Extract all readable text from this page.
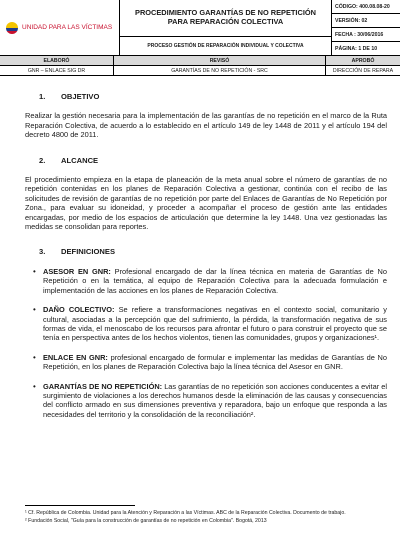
UNIDAD PARA LAS VÍCTIMAS
PROCEDIMIENTO GARANTÍAS DE NO REPETICIÓN PARA REPARACIÓN COLECTIVA
PROCESO GESTIÓN DE REPARACIÓN INDIVIDUAL Y COLECTIVA
CÓDIGO: 400.08.08-20
VERSIÓN: 02
FECHA : 30/06/2016
PÁGINA: 1 DE 10
ELABORÓ	REVISÓ	APROBÓ
GNR – ENLACE SIG DR	GARANTÍAS DE NO REPETICIÓN - SRC	DIRECCIÓN DE REPARA
1. OBJETIVO

Realizar la gestión necesaria para la implementación de las garantías de no repetición en el marco de la Ruta Reparación Colectiva, de acuerdo a lo establecido en el artículo 149 de ley 1448 de 2011 y el artículo 194 del decreto 4800 de 2011.

2. ALCANCE

El procedimiento empieza en la etapa de planeación de la meta anual sobre el número de garantías de no repetición contenidas en los planes de Reparación Colectiva a gestionar, continúa con el recibo de las solicitudes de revisión de garantías de no repetición por parte del Enlaces de Garantías de No Repetición por Zona., para evaluar su idoneidad, y proceder a acompañar el proceso de gestión ante las entidades encargadas, por medio de los espacios de articulación que determine la ley 1448. Una vez gestionadas las medidas se consolidan para reportes.

3. DEFINICIONES
• ASESOR EN GNR: Profesional encargado de dar la línea técnica en materia de Garantías de No Repetición o en la temática, al equipo de Reparación Colectiva para la adecuada formulación e implementación de las acciones en los planes de Reparación Colectiva.
• DAÑO COLECTIVO: Se refiere a transformaciones negativas en el contexto social, comunitario y cultural, asociadas a la percepción que del sufrimiento, la pérdida, la transformación negativa de sus formas de vida, el menoscabo de los recursos para afrontar el futuro o para construir el proyecto que se tenía en perspectiva antes de los hechos violentos, tienen las comunidades, grupos y organizaciones¹.
• ENLACE EN GNR: profesional encargado de formular e implementar las medidas de Garantías de No Repetición, en los planes de Reparación Colectiva bajo la línea técnica del Asesor en GNR.
• GARANTÍAS DE NO REPETICIÓN: Las garantías de no repetición son acciones conducentes a evitar el surgimiento de violaciones a los derechos humanos desde la eliminación de las causas y consecuencias del conflicto armado en sus dimensiones preventiva y reparadora, bajo un enfoque que responda a las necesidades del territorio y la consolidación de la reconciliación².
¹ Cf. República de Colombia. Unidad para la Atención y Reparación a las Víctimas. ABC de la Reparación Colectiva. Documento de trabajo.
² Fundación Social, "Guía para la construcción de garantías de no repetición en Colombia". Bogotá, 2013
